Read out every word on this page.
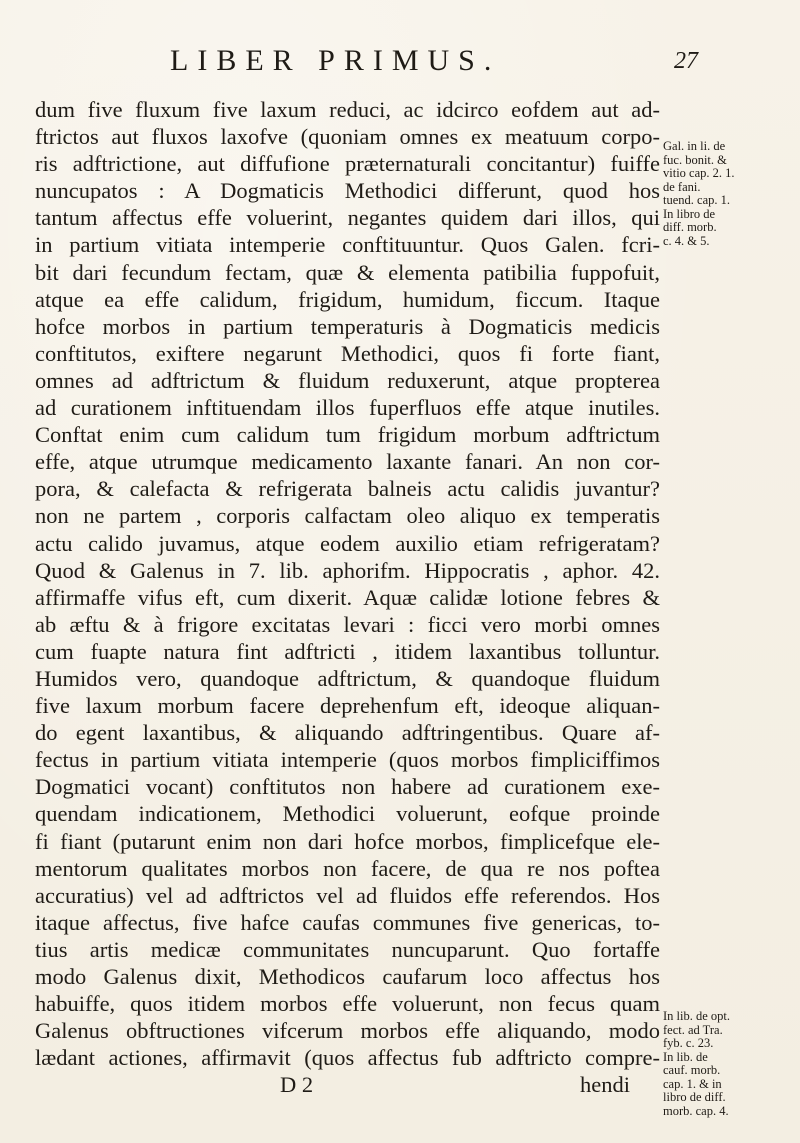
LIBER PRIMUS.	27
dum five fluxum five laxum reduci, ac idcirco eofdem aut ad-
ftrictos aut fluxos laxofve (quoniam omnes ex meatuum corpo-
ris adftrictione, aut diffufione præternaturali concitantur) fuiffe
nuncupatos : A Dogmaticis Methodici differunt, quod hos
tantum affectus effe voluerint, negantes quidem dari illos, qui
in partium vitiata intemperie conftituuntur. Quos Galen. fcri-
bit dari fecundum fectam, quæ & elementa patibilia fuppofuit,
atque ea effe calidum, frigidum, humidum, ficcum. Itaque
hofce morbos in partium temperaturis à Dogmaticis medicis
conftitutos, exiftere negarunt Methodici, quos fi forte fiant,
omnes ad adftrictum & fluidum reduxerunt, atque propterea
ad curationem inftituendam illos fuperfluos effe atque inutiles.
Conftat enim cum calidum tum frigidum morbum adftrictum
effe, atque utrumque medicamento laxante fanari. An non cor-
pora, & calefacta & refrigerata balneis actu calidis juvantur?
non ne partem , corporis calfactam oleo aliquo ex temperatis
actu calido juvamus, atque eodem auxilio etiam refrigeratam?
Quod & Galenus in 7. lib. aphorifm. Hippocratis , aphor. 42.
affirmaffe vifus eft, cum dixerit. Aquæ calidæ lotione febres &
ab æftu & à frigore excitatas levari : ficci vero morbi omnes
cum fuapte natura fint adftricti , itidem laxantibus tolluntur.
Humidos vero, quandoque adftrictum, & quandoque fluidum
five laxum morbum facere deprehenfum eft, ideoque aliquan-
do egent laxantibus, & aliquando adftringentibus. Quare af-
fectus in partium vitiata intemperie (quos morbos fimpliciffimos
Dogmatici vocant) conftitutos non habere ad curationem exe-
quendam indicationem, Methodici voluerunt, eofque proinde
fi fiant (putarunt enim non dari hofce morbos, fimplicefque ele-
mentorum qualitates morbos non facere, de qua re nos poftea
accuratius) vel ad adftrictos vel ad fluidos effe referendos. Hos
itaque affectus, five hafce caufas communes five genericas, to-
tius artis medicæ communitates nuncuparunt. Quo fortaffe
modo Galenus dixit, Methodicos caufarum loco affectus hos
habuiffe, quos itidem morbos effe voluerunt, non fecus quam
Galenus obftructiones vifcerum morbos effe aliquando, modo
lædant actiones, affirmavit (quos affectus fub adftricto compre-
D 2	hendi
Gal. in li. de
fuc. bonit. &
vitio cap. 2. 1.
de fani.
tuend. cap. 1.
In libro de
diff. morb.
c. 4. & 5.
In lib. de opt.
fect. ad Tra.
fyb. c. 23.
In lib. de
cauf. morb.
cap. 1. & in
libro de diff.
morb. cap. 4.
